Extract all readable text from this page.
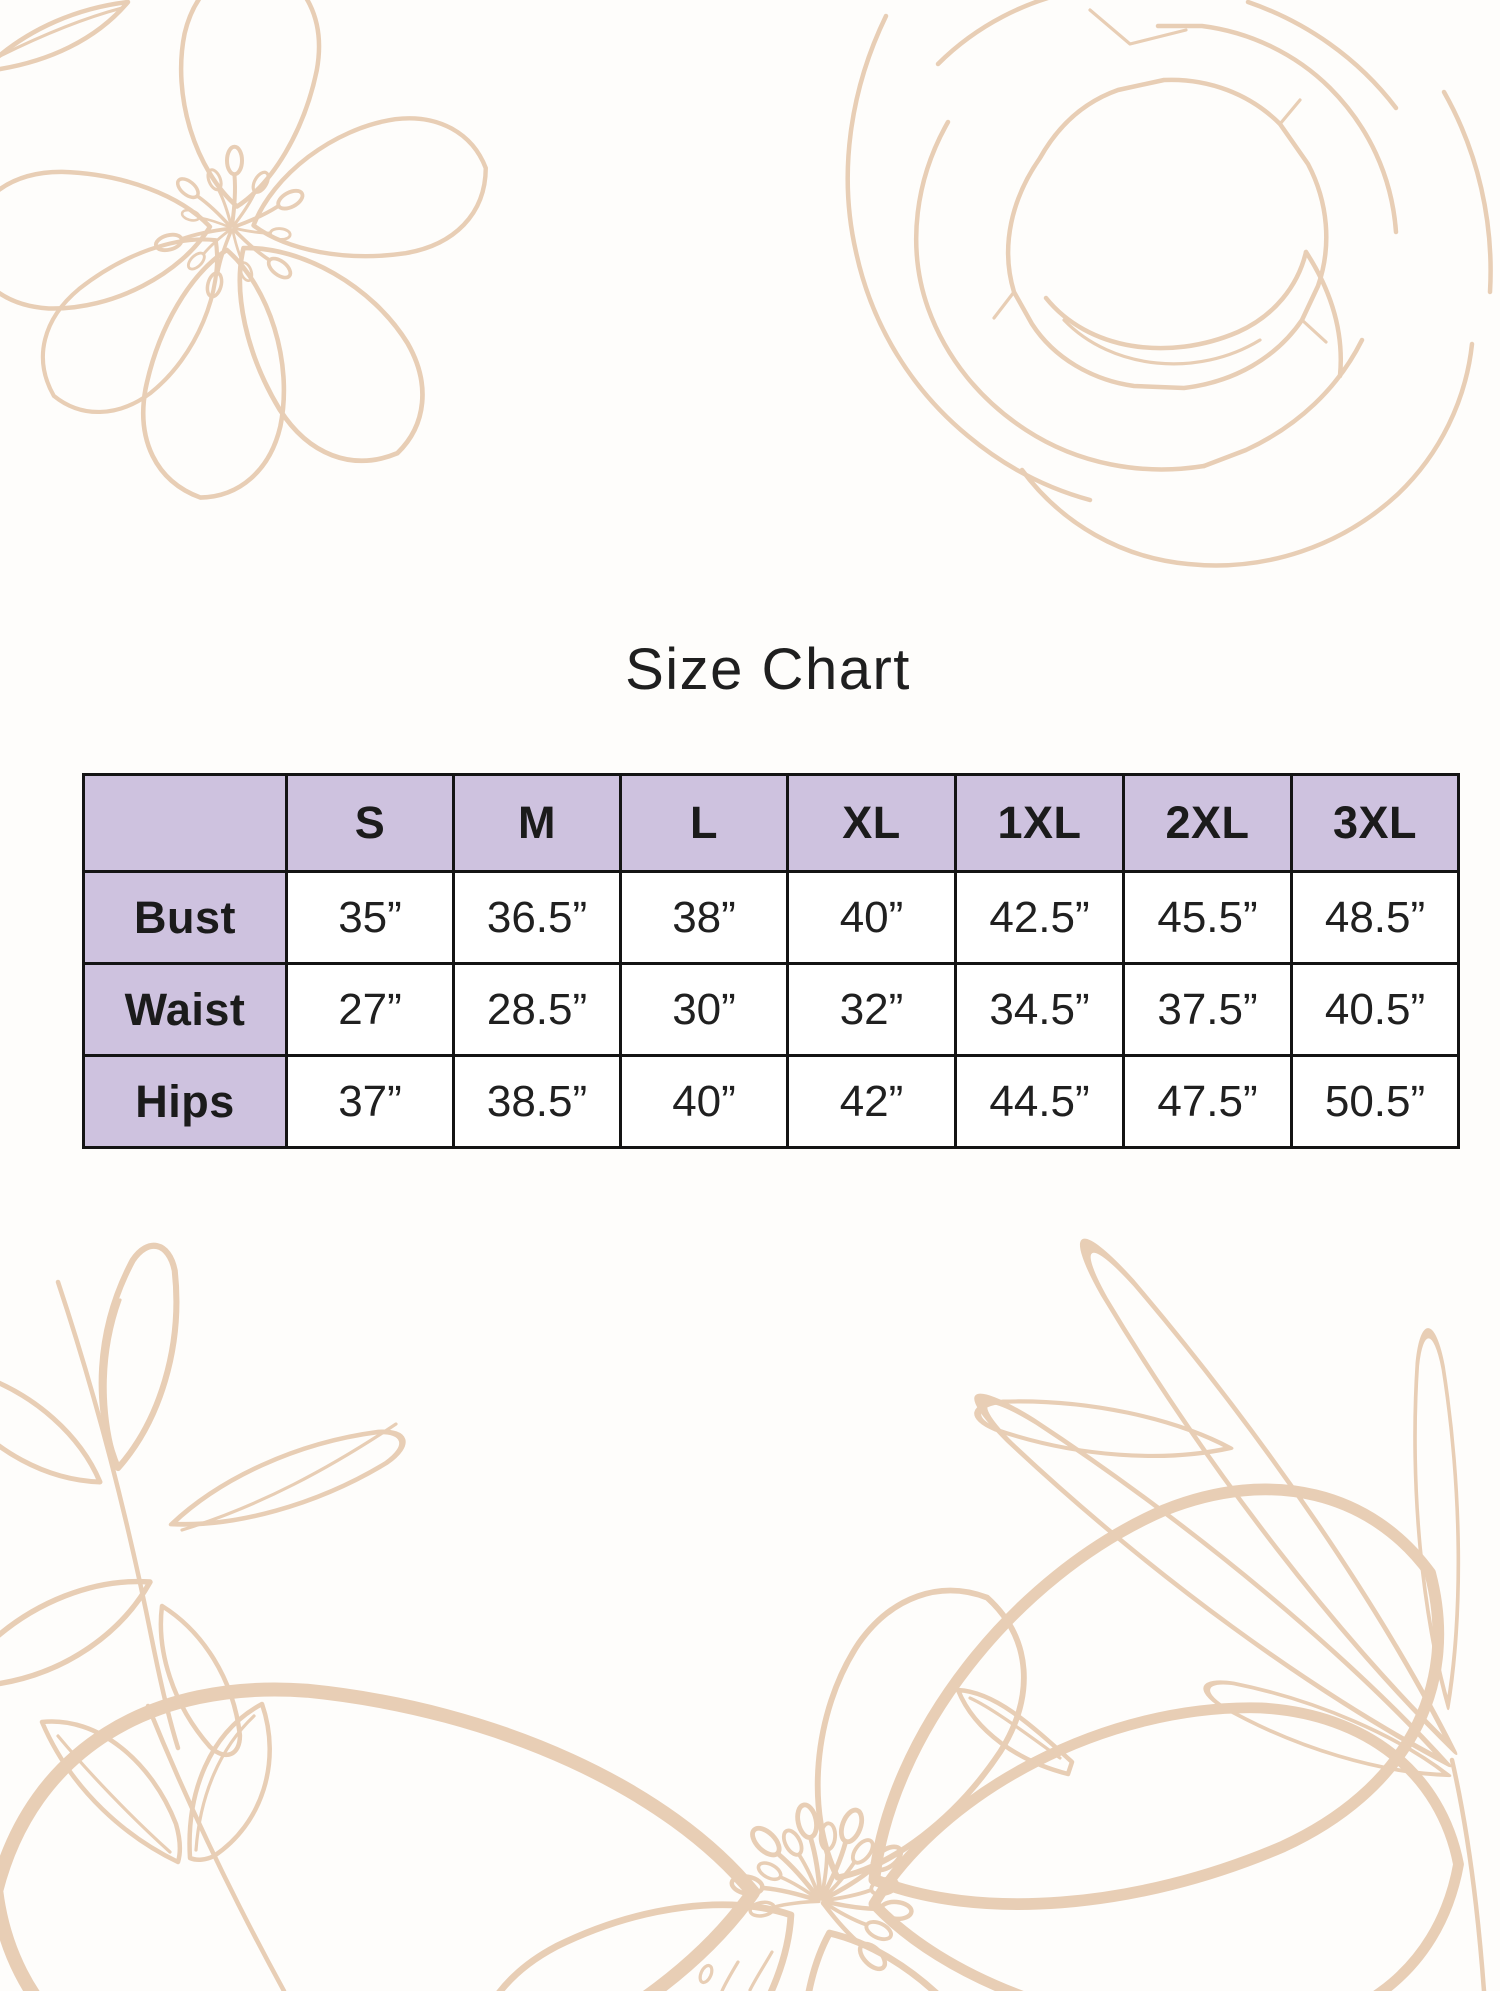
Size Chart
	S	M	L	XL	1XL	2XL	3XL
Bust	35”	36.5”	38”	40”	42.5”	45.5”	48.5”
Waist	27”	28.5”	30”	32”	34.5”	37.5”	40.5”
Hips	37”	38.5”	40”	42”	44.5”	47.5”	50.5”
